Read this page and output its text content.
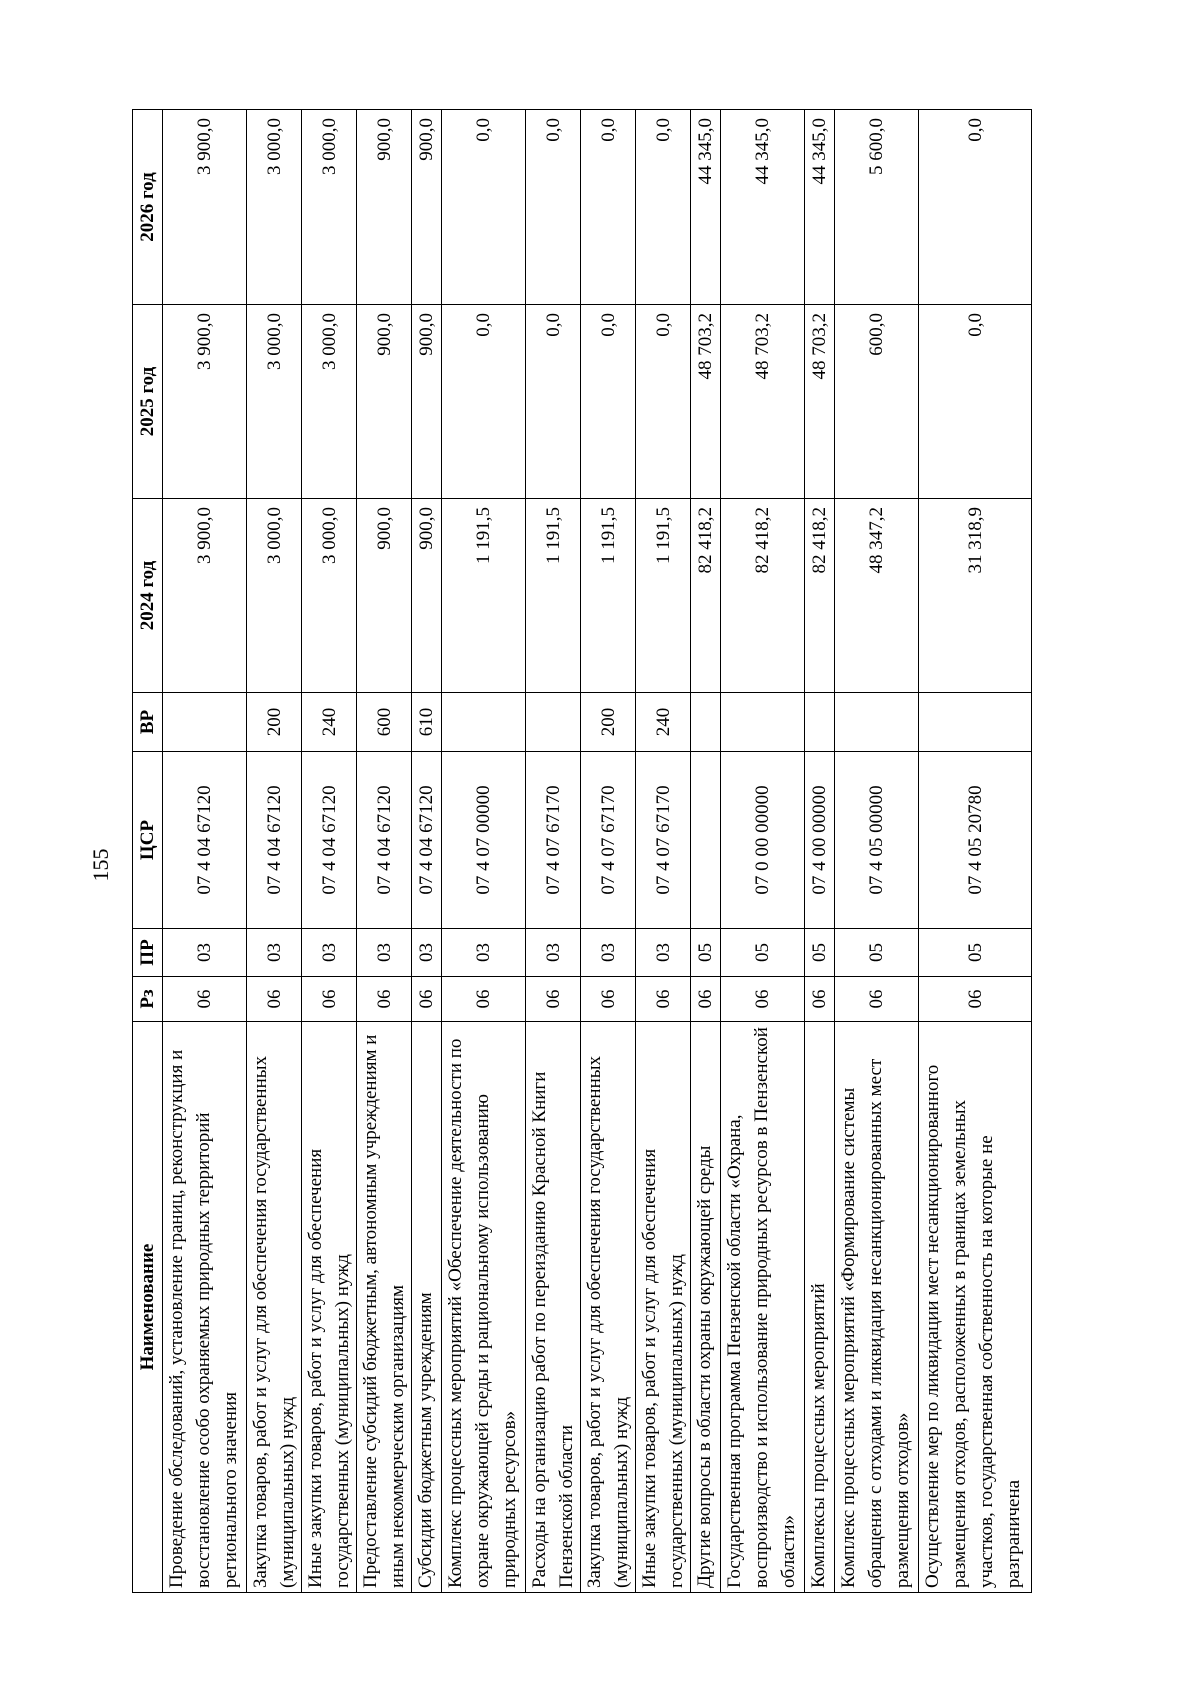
155
Наименование	Рз	ПР	ЦСР	ВР	2024 год	2025 год	2026 год
Проведение обследований, установление границ, реконструкция и восстановление особо охраняемых природных территорий регионального значения	06	03	07 4 04 67120		3 900,0	3 900,0	3 900,0
Закупка товаров, работ и услуг для обеспечения государственных (муниципальных) нужд	06	03	07 4 04 67120	200	3 000,0	3 000,0	3 000,0
Иные закупки товаров, работ и услуг для обеспечения государственных (муниципальных) нужд	06	03	07 4 04 67120	240	3 000,0	3 000,0	3 000,0
Предоставление субсидий бюджетным, автономным учреждениям и иным некоммерческим организациям	06	03	07 4 04 67120	600	900,0	900,0	900,0
Субсидии бюджетным учреждениям	06	03	07 4 04 67120	610	900,0	900,0	900,0
Комплекс процессных мероприятий «Обеспечение деятельности по охране окружающей среды и рациональному использованию природных ресурсов»	06	03	07 4 07 00000		1 191,5	0,0	0,0
Расходы на организацию работ по переизданию Красной Книги Пензенской области	06	03	07 4 07 67170		1 191,5	0,0	0,0
Закупка товаров, работ и услуг для обеспечения государственных (муниципальных) нужд	06	03	07 4 07 67170	200	1 191,5	0,0	0,0
Иные закупки товаров, работ и услуг для обеспечения государственных (муниципальных) нужд	06	03	07 4 07 67170	240	1 191,5	0,0	0,0
Другие вопросы в области охраны окружающей среды	06	05			82 418,2	48 703,2	44 345,0
Государственная программа Пензенской области «Охрана, воспроизводство и использование природных ресурсов в Пензенской области»	06	05	07 0 00 00000		82 418,2	48 703,2	44 345,0
Комплексы процессных мероприятий	06	05	07 4 00 00000		82 418,2	48 703,2	44 345,0
Комплекс процессных мероприятий «Формирование системы обращения с отходами и ликвидация несанкционированных мест размещения отходов»	06	05	07 4 05 00000		48 347,2	600,0	5 600,0
Осуществление мер по ликвидации мест несанкционированного размещения отходов, расположенных в границах земельных участков, государственная собственность на которые не разграничена	06	05	07 4 05 20780		31 318,9	0,0	0,0
